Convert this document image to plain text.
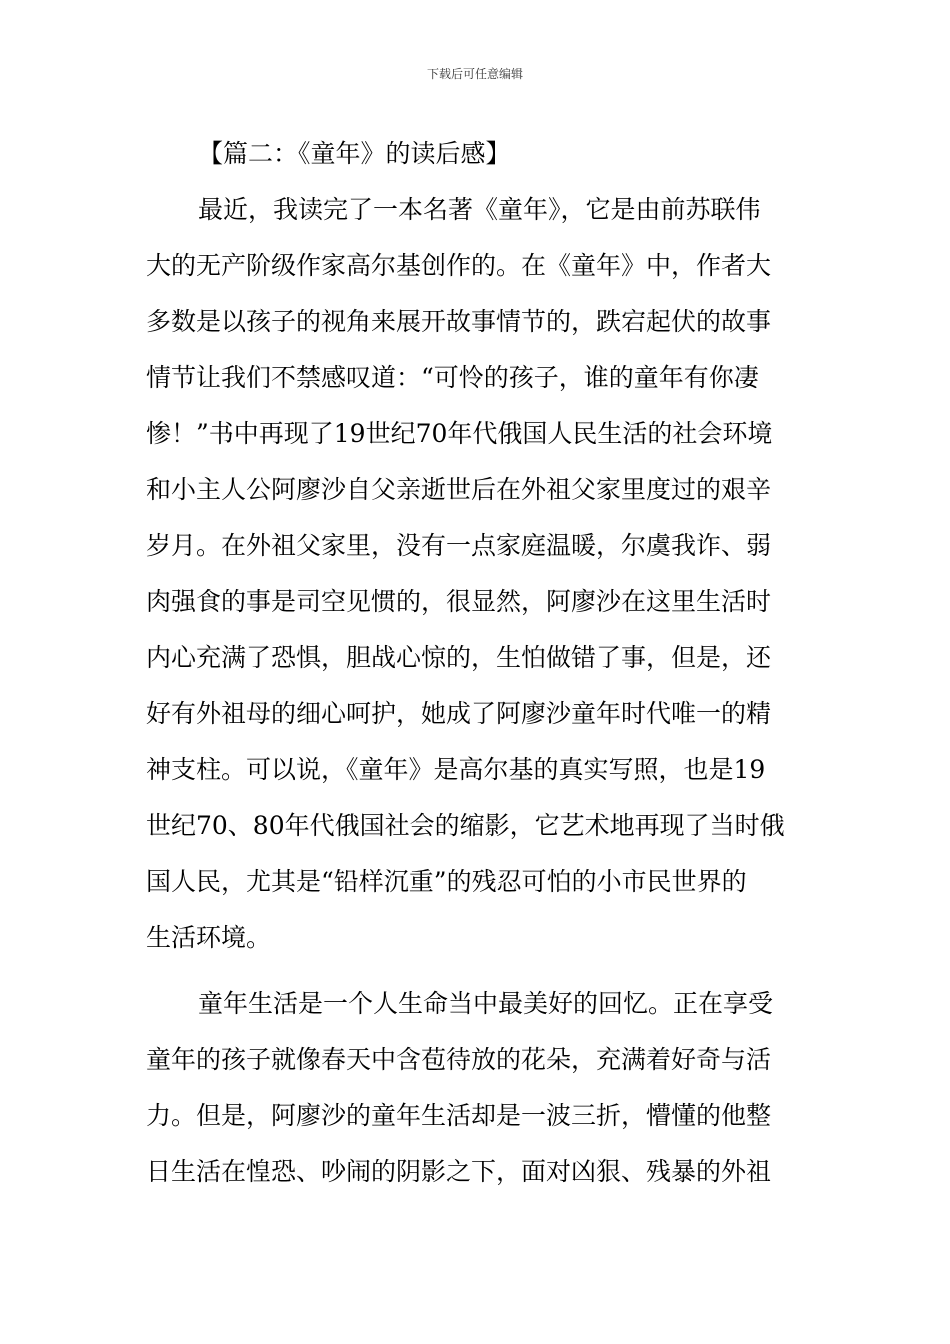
下载后可任意编辑
【篇二：《童年》的读后感】
最近，我读完了一本名著《童年》，它是由前苏联伟
大的无产阶级作家高尔基创作的。在《童年》中，作者大
多数是以孩子的视角来展开故事情节的，跌宕起伏的故事
情节让我们不禁感叹道：“可怜的孩子，谁的童年有你凄
惨！”书中再现了19世纪70年代俄国人民生活的社会环境
和小主人公阿廖沙自父亲逝世后在外祖父家里度过的艰辛
岁月。在外祖父家里，没有一点家庭温暖，尔虞我诈、弱
肉强食的事是司空见惯的，很显然，阿廖沙在这里生活时
内心充满了恐惧，胆战心惊的，生怕做错了事，但是，还
好有外祖母的细心呵护，她成了阿廖沙童年时代唯一的精
神支柱。可以说，《童年》是高尔基的真实写照，也是19
世纪70、80年代俄国社会的缩影，它艺术地再现了当时俄
国人民，尤其是“铅样沉重”的残忍可怕的小市民世界的
生活环境。
童年生活是一个人生命当中最美好的回忆。正在享受
童年的孩子就像春天中含苞待放的花朵，充满着好奇与活
力。但是，阿廖沙的童年生活却是一波三折，懵懂的他整
日生活在惶恐、吵闹的阴影之下，面对凶狠、残暴的外祖
